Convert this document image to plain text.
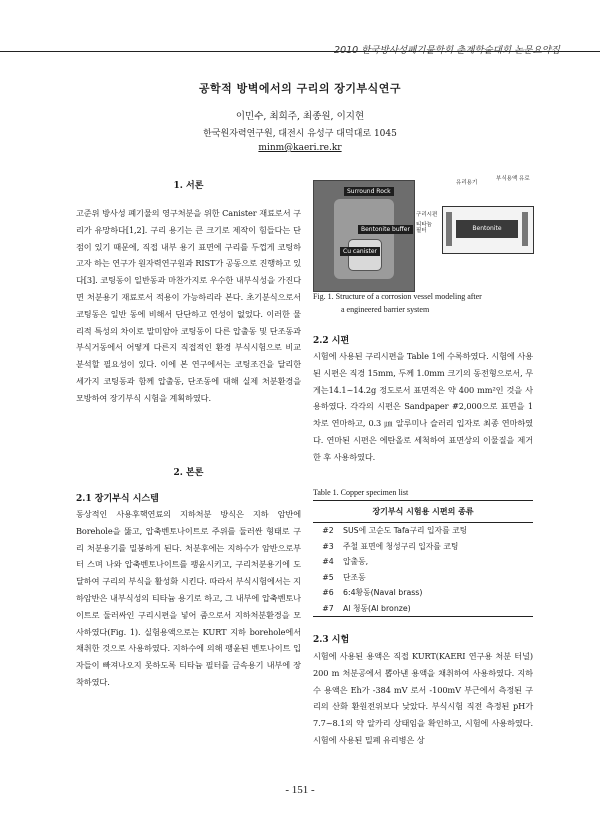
2010 한국방사성폐기물학회 춘계학술대회 논문요약집
공학적 방벽에서의 구리의 장기부식연구
이민수, 최희주, 최종원, 이지현
한국원자력연구원, 대전시 유성구 대덕대로 1045
minm@kaeri.re.kr
1. 서론

고준위 방사성 폐기물의 영구처분을 위한 Canister 재료로서 구리가 유망하다[1,2]. 구리 용기는 큰 크기로 제작이 힘들다는 단점이 있기 때문에, 직접 내부 용기 표면에 구리를 두껍게 코팅하고자 하는 연구가 원자력연구원과 RIST가 공동으로 진행하고 있다[3]. 코팅동이 일반동과 마찬가지로 우수한 내부식성을 가진다면 처분용기 재료로서 적용이 가능하리라 본다. 초기분식으로서 코팅동은 일반 동에 비해서 단단하고 연성이 없었다. 이러한 물리적 특성의 차이로 말미암아 코팅동이 다른 압출동 및 단조동과 부식거동에서 어떻게 다른지 직접적인 환경 부식시험으로 비교분석할 필요성이 있다. 이에 본 연구에서는 코팅조건을 달리한 세가지 코팅동과 함께 압출동, 단조동에 대해 실제 처분환경을 모방하여 장기부식 시험을 계획하였다.

2. 본론
2.1 장기부식 시스템

동상적인 사용후핵연료의 지하처분 방식은 지하 암반에 Borehole을 뚫고, 압축벤토나이트로 주위를 둘러싼 형태로 구리 처분용기를 밀봉하게 된다. 처분후에는 지하수가 암반으로부터 스며 나와 압축벤토나이트를 팽윤시키고, 구리처분용기에 도달하여 구리의 부식을 활성화 시킨다. 따라서 부식시험에서는 지하암반은 내부식성의 티타늄 용기로 하고, 그 내부에 압축벤토나이트로 둘러싸인 구리시편을 넣어 줌으로서 지하처분환경을 모사하였다(Fig. 1). 실험용액으로는 KURT 지하 borehole에서 채취한 것으로 사용하였다. 지하수에 의해 팽윤된 벤토나이트 입자들이 빠져나오지 못하도록 티타늄 필터를 금속용기 내부에 장착하였다.

Surround Rock
Bentonite buffer
Cu canister
유리용기
부식용액 유로
구리시편
티타늄 필터	Bentonite
Fig. 1. Structure of a corrosion vessel modeling after
a engineered barrier system
2.2 시편

시험에 사용된 구리시편을 Table 1에 수록하였다. 시험에 사용된 시편은 직경 15mm, 두께 1.0mm 크기의 동전형으로서, 무게는14.1~14.2g 정도로서 표면적은 약 400 mm²인 것을 사용하였다. 각각의 시편은 Sandpaper #2,000으로 표면을 1차로 연마하고, 0.3 ㎛ 알루미나 슬러리 입자로 최종 연마하였다. 연마된 시편은 에탄올로 세척하여 표면상의 이물질을 제거한 후 사용하였다.

Table 1. Copper specimen list
장기부식 시험용 시편의 종류	
#2	SUS에 고순도 Tafa구리 입자를 코팅
#3	주철 표면에 청성구리 입자를 코팅
#4	압출동,
#5	단조동
#6	6:4황동(Naval brass)
#7	Al 청동(Al bronze)
2.3 시험

시험에 사용된 용액은 직접 KURT(KAERI 연구용 처분 터널) 200 m 처분공에서 뽑아낸 용액을 채취하여 사용하였다. 지하수 용액은 Eh가 -384 mV 로서 -100mV 부근에서 측정된 구리의 산화 환원전위보다 낮았다. 부식시험 직전 측정된 pH가 7.7~8.1의 약 알카리 상태임을 확인하고, 시험에 사용하였다. 시험에 사용된 밀폐 유리병은 상

- 151 -
